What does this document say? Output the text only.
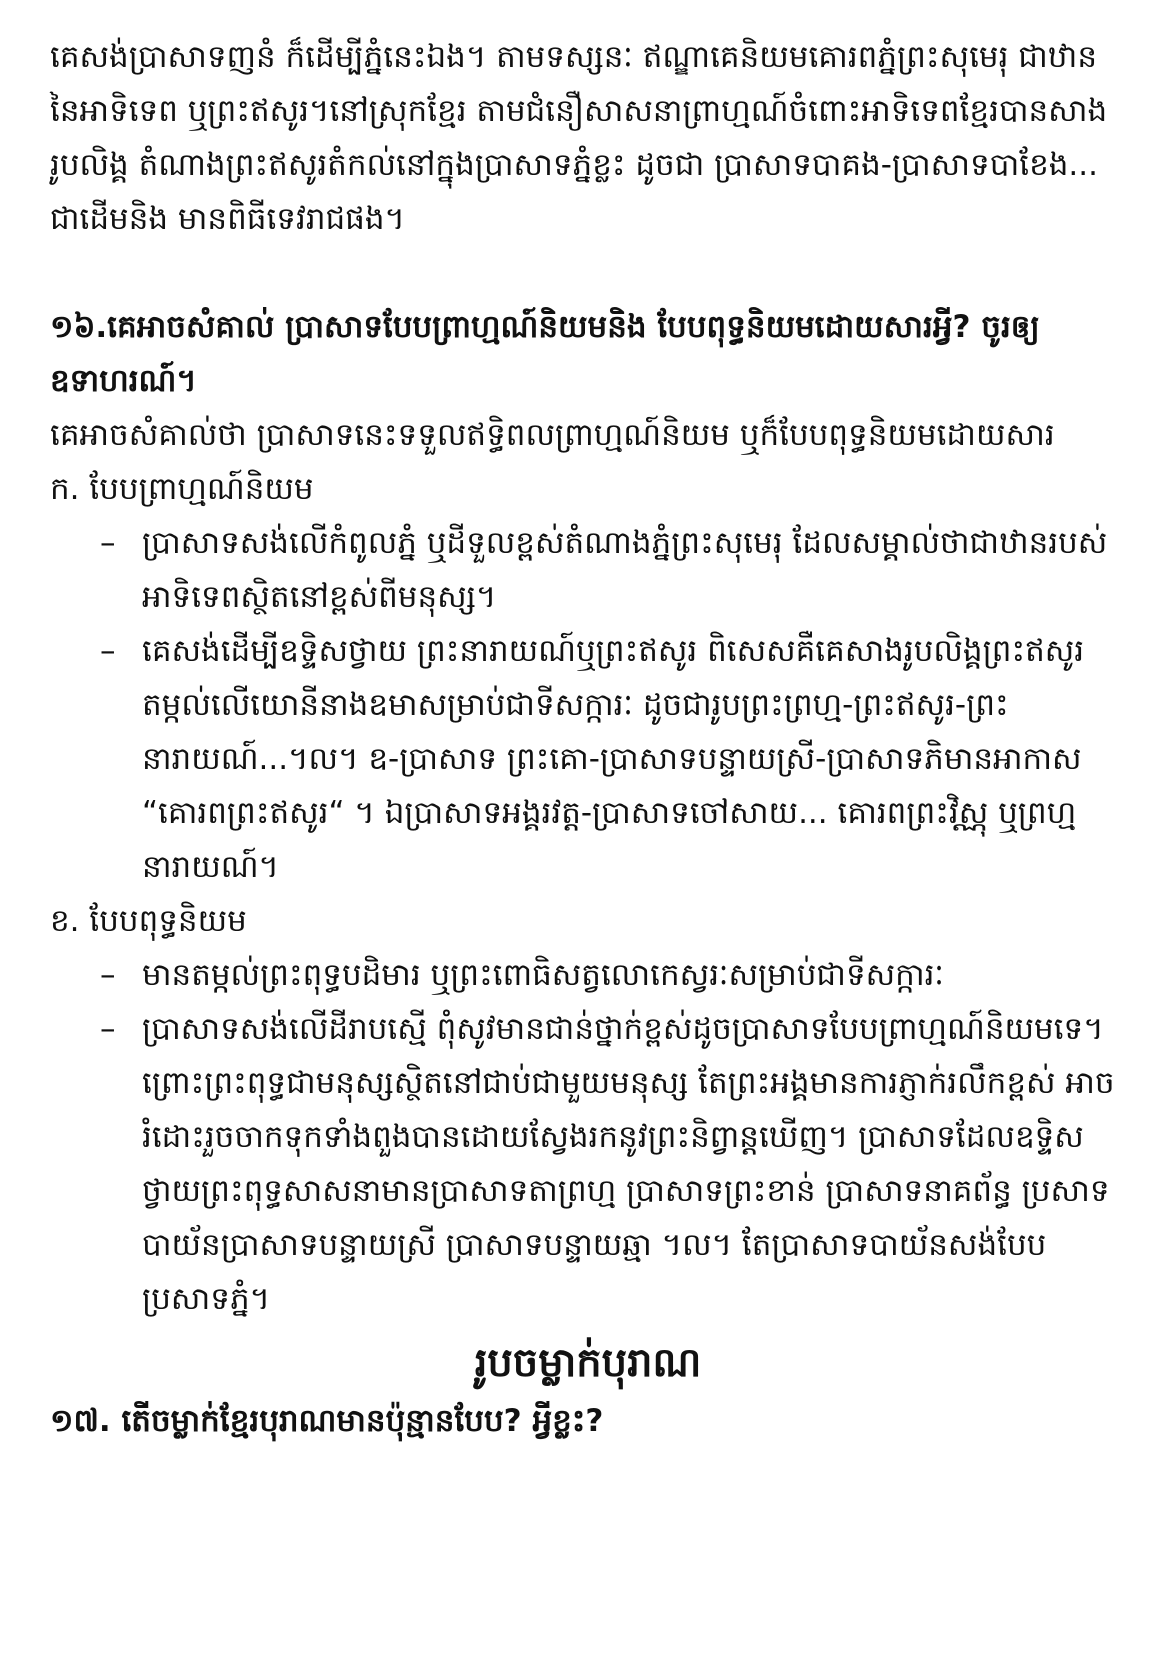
គេសង់ប្រាសាទញនំ ក៏ដើម្បីភ្នំនេះឯង។ តាមទស្សនៈ ឥណ្ឌាគេនិយមគោរពភ្នំព្រះសុមេរុ ជាឋាននៃអាទិទេព ឬព្រះឥសូរ។នៅស្រុកខ្មែរ តាមជំនឿសាសនាព្រាហ្មណ៍ចំពោះអាទិទេពខ្មែរបានសាងរូបលិង្គ តំណាងព្រះឥសូរតំកល់នៅក្នុងប្រាសាទភ្នំខ្លះ ដូចជា ប្រាសាទបាគង-ប្រាសាទបាខែង... ជាដើមនិង មានពិធីទេវរាជផង។

១៦.គេអាចសំគាល់ ប្រាសាទបែបព្រាហ្មណ៍និយមនិង បែបពុទ្ធនិយមដោយសារអ្វី? ចូរឲ្យឧទាហរណ៍។

គេអាចសំគាល់ថា ប្រាសាទនេះទទួលឥទ្ធិពលព្រាហ្មណ៍និយម ឬក៏បែបពុទ្ធនិយមដោយសារ

ក. បែបព្រាហ្មណ៍និយម

– ប្រាសាទសង់លើកំពូលភ្នំ ឬដីទួលខ្ពស់តំណាងភ្នំព្រះសុមេរុ ដែលសម្គាល់ថាជាឋានរបស់អាទិទេពស្ថិតនៅខ្ពស់ពីមនុស្ស។
– គេសង់ដើម្បីឧទ្ទិសថ្វាយ ព្រះនារាយណ៍ឬព្រះឥសូរ ពិសេសគឺគេសាងរូបលិង្គព្រះឥសូរ តម្កល់លើយោនីនាងឧមាសម្រាប់ជាទីសក្ការៈ ដូចជារូបព្រះព្រហ្ម-ព្រះឥសូរ-ព្រះនារាយណ៍...។ល។ ឧ-ប្រាសាទ ព្រះគោ-ប្រាសាទបន្ទាយស្រី-ប្រាសាទភិមានអាកាស “គោរពព្រះឥសូរ“ ។ ឯប្រាសាទអង្គរវត្ត-ប្រាសាទចៅសាយ... គោរពព្រះវិស្ណុ ឬព្រហ្មនារាយណ៍។

ខ. បែបពុទ្ធនិយម

– មានតម្កល់ព្រះពុទ្ធបដិមារ ឬព្រះពោធិសត្វលោកេស្វរៈសម្រាប់ជាទីសក្ការៈ
– ប្រាសាទសង់លើដីរាបស្មើ ពុំសូវមានជាន់ថ្នាក់ខ្ពស់ដូចប្រាសាទបែបព្រាហ្មណ៍និយមទេ។ ព្រោះព្រះពុទ្ធជាមនុស្សស្ថិតនៅជាប់ជាមួយមនុស្ស តែព្រះអង្គមានការភ្ញាក់រលឹកខ្ពស់ អាចរំដោះរួចចាកទុកទាំងពួងបានដោយស្វែងរកនូវព្រះនិព្វាន្តឃើញ។ ប្រាសាទដែលឧទ្ទិសថ្វាយព្រះពុទ្ធសាសនាមានប្រាសាទតាព្រហ្ម ប្រាសាទព្រះខាន់ ប្រាសាទនាគព័ន្ធ ប្រសាទបាយ័នប្រាសាទបន្ទាយស្រី ប្រាសាទបន្ទាយឆ្មា ។ល។ តែប្រាសាទបាយ័នសង់បែបប្រសាទភ្នំ។

រូបចម្លាក់បុរាណ

១៧. តើចម្លាក់ខ្មែរបុរាណមានប៉ុន្មានបែប? អ្វីខ្លះ?
